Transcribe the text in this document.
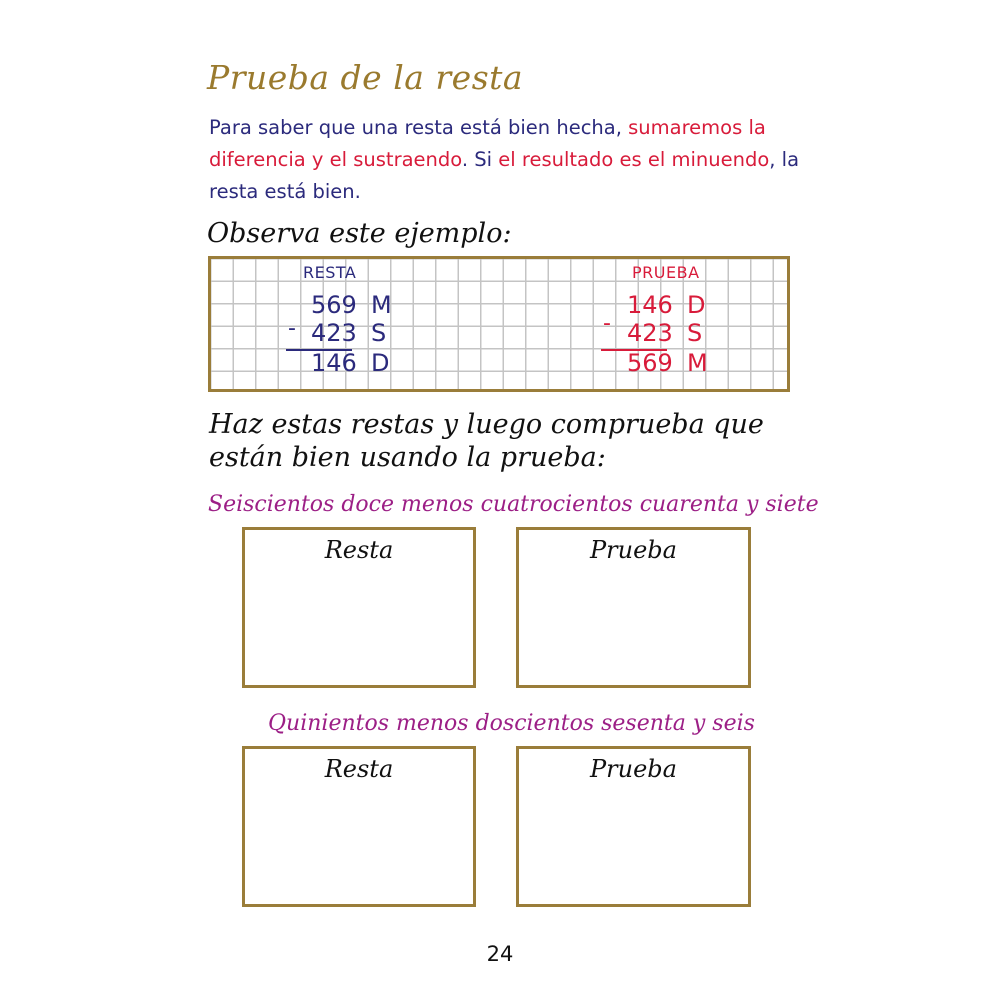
Prueba de la resta
Para saber que una resta está bien hecha, sumaremos la diferencia y el sustraendo. Si el resultado es el minuendo, la resta está bien.
Observa este ejemplo:
RESTA
-
569 M
423 S
146 D
PRUEBA
-
146 D
423 S
569 M
Haz estas restas y luego comprueba que están bien usando la prueba:
Seiscientos doce menos cuatrocientos cuarenta y siete
Resta	Prueba
Quinientos menos doscientos sesenta y seis
Resta	Prueba
24
